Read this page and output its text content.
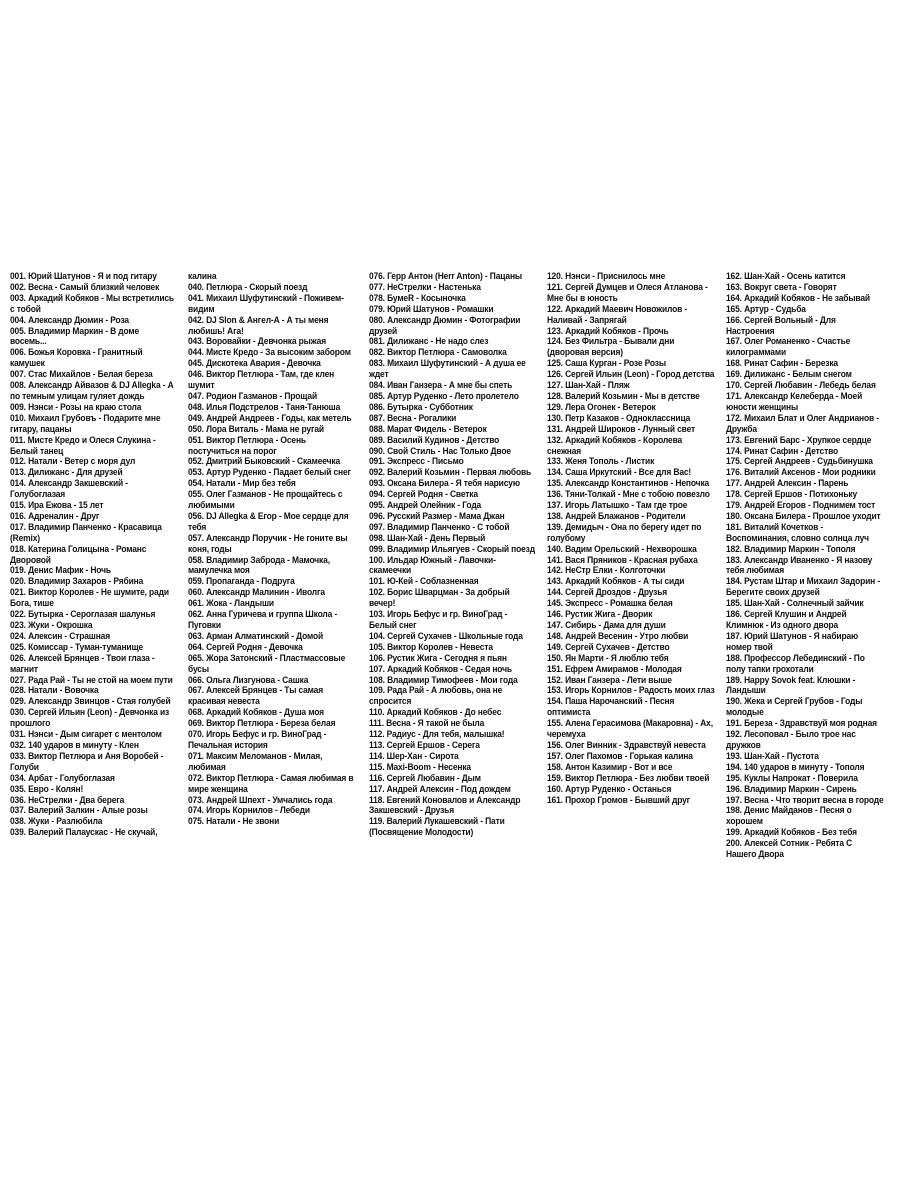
001. Юрий Шатунов - Я и под гитару
002. Весна - Самый близкий человек
003. Аркадий Кобяков - Мы встретились с тобой
004. Александр Дюмин - Роза
005. Владимир Маркин - В доме восемь...
006. Божья Коровка - Гранитный камушек
007. Стас Михайлов - Белая береза
008. Александр Айвазов & DJ Allegka - А по темным улицам гуляет дождь
009. Нэнси - Розы на краю стола
010. Михаил Грубовъ - Подарите мне гитару, пацаны
011. Мисте Кредо и Олеся Слукина - Белый танец
012. Натали - Ветер с моря дул
013. Дилижанс - Для друзей
014. Александр Закшевский - Голубоглазая
015. Ира Ежова - 15 лет
016. Адреналин - Друг
017. Владимир Панченко - Красавица (Remix)
018. Катерина Голицына - Романс Дворовой
019. Денис Мафик - Ночь
020. Владимир Захаров - Рябина
021. Виктор Королев - Не шумите, ради Бога, тише
022. Бутырка - Сероглазая шалунья
023. Жуки - Окрошка
024. Алексин - Страшная
025. Комиссар - Туман-туманище
026. Алексей Брянцев - Твои глаза - магнит
027. Рада Рай - Ты не стой на моем пути
028. Натали - Вовочка
029. Александр Звинцов - Стая голубей
030. Сергей Ильин (Leon) - Девчонка из прошлого
031. Нэнси - Дым сигарет с ментолом
032. 140 ударов в минуту - Клен
033. Виктор Петлюра и Аня Воробей - Голуби
034. Арбат - Голубоглазая
035. Евро - Колян!
036. НеСтрелки - Два берега
037. Валерий Залкин - Алые розы
038. Жуки - Разлюбила
039. Валерий Палаускас - Не скучай,
калина
040. Петлюра - Скорый поезд
041. Михаил Шуфутинский - Поживем-видим
042. DJ Slon & Ангел-А - А ты меня любишь! Ага!
043. Воровайки - Девчонка рыжая
044. Мисте Кредо - За высоким забором
045. Дискотека Авария - Девочка
046. Виктор Петлюра - Там, где клен шумит
047. Родион Газманов - Прощай
048. Илья Подстрелов - Таня-Танюша
049. Андрей Андреев - Годы, как метель
050. Лора Виталь - Мама не ругай
051. Виктор Петлюра - Осень постучиться на порог
052. Дмитрий Быковский - Скамеечка
053. Артур Руденко - Падает белый снег
054. Натали - Мир без тебя
055. Олег Газманов - Не прощайтесь с любимыми
056. DJ Allegka & Егор - Мое сердце для тебя
057. Александр Поручик - Не гоните вы коня, годы
058. Владимир Заброда - Мамочка, мамулечка моя
059. Пропаганда - Подруга
060. Александр Малинин - Иволга
061. Жока - Ландыши
062. Анна Гуричева и группа Школа - Пуговки
063. Арман Алматинский - Домой
064. Сергей Родня - Девочка
065. Жора Затонский - Пластмассовые бусы
066. Ольга Лизгунова - Сашка
067. Алексей Брянцев - Ты самая красивая невеста
068. Аркадий Кобяков - Душа моя
069. Виктор Петлюра - Береза белая
070. Игорь Бефус и гр. ВиноГрад - Печальная история
071. Максим Меломанов - Милая, любимая
072. Виктор Петлюра - Самая любимая в мире женщина
073. Андрей Шпехт - Умчались года
074. Игорь Корнилов - Лебеди
075. Натали - Не звони
076. Герр Антон (Herr Anton) - Пацаны
077. НеСтрелки - Настенька
078. БумеR - Косыночка
079. Юрий Шатунов - Ромашки
080. Александр Дюмин - Фотографии друзей
081. Дилижанс - Не надо слез
082. Виктор Петлюра - Самоволка
083. Михаил Шуфутинский - А душа ее ждет
084. Иван Ганзера - А мне бы спеть
085. Артур Руденко - Лето пролетело
086. Бутырка - Субботник
087. Весна - Рогалики
088. Марат Фидель - Ветерок
089. Василий Кудинов - Детство
090. Свой Стиль - Нас Только Двое
091. Экспресс - Письмо
092. Валерий Козьмин - Первая любовь
093. Оксана Билера - Я тебя нарисую
094. Сергей Родня - Светка
095. Андрей Олейник - Года
096. Русский Размер - Мама Джан
097. Владимир Панченко - С тобой
098. Шан-Хай - День Первый
099. Владимир Ильягуев - Скорый поезд
100. Ильдар Южный - Лавочки-скамеечки
101. Ю-Кей - Соблазненная
102. Борис Шварцман - За добрый вечер!
103. Игорь Бефус и гр. ВиноГрад - Белый снег
104. Сергей Сухачев - Школьные года
105. Виктор Королев - Невеста
106. Рустик Жига - Сегодня я пьян
107. Аркадий Кобяков - Седая ночь
108. Владимир Тимофеев - Мои года
109. Рада Рай - А любовь, она не спросится
110. Аркадий Кобяков - До небес
111. Весна - Я такой не была
112. Радиус - Для тебя, малышка!
113. Сергей Ершов - Серега
114. Шер-Хан - Сирота
115. Maxi-Boom - Несенка
116. Сергей Любавин - Дым
117. Андрей Алексин - Под дождем
118. Евгений Коновалов и Александр Закшевский - Друзья
119. Валерий Лукашевский - Пати (Посвящение Молодости)
120. Нэнси - Приснилось мне
121. Сергей Думцев и Олеся Атланова - Мне бы в юность
122. Аркадий Маевич Новожилов - Наливай - Запрягай
123. Аркадий Кобяков - Прочь
124. Без Фильтра - Бывали дни (дворовая версия)
125. Саша Курган - Розе Розы
126. Сергей Ильин (Leon) - Город детства
127. Шан-Хай - Пляж
128. Валерий Козьмин - Мы в детстве
129. Лера Огонек - Ветерок
130. Петр Казаков - Одноклассница
131. Андрей Широков - Лунный свет
132. Аркадий Кобяков - Королева снежная
133. Женя Тополь - Листик
134. Саша Иркутский - Все для Вас!
135. Александр Константинов - Непочка
136. Тяни-Толкай - Мне с тобою повезло
137. Игорь Латышко - Там где трое
138. Андрей Блажанов - Родители
139. Демидыч - Она по берегу идет по голубому
140. Вадим Орельский - Нехворошка
141. Вася Пряников - Красная рубаха
142. НеСтр Елки - Колготочки
143. Аркадий Кобяков - А ты сиди
144. Сергей Дроздов - Друзья
145. Экспресс - Ромашка белая
146. Рустик Жига - Дворик
147. Сибирь - Дама для души
148. Андрей Весенин - Утро любви
149. Сергей Сухачев - Детство
150. Ян Марти - Я люблю тебя
151. Ефрем Амирамов - Молодая
152. Иван Ганзера - Лети выше
153. Игорь Корнилов - Радость моих глаз
154. Паша Нарочанский - Песня оптимиста
155. Алена Герасимова (Макаровна) - Ах, черемуха
156. Олег Винник - Здравствуй невеста
157. Олег Пахомов - Горькая калина
158. Антон Казимир - Вот и все
159. Виктор Петлюра - Без любви твоей
160. Артур Руденко - Останься
161. Прохор Громов - Бывший друг
162. Шан-Хай - Осень катится
163. Вокруг света - Говорят
164. Аркадий Кобяков - Не забывай
165. Артур - Судьба
166. Сергей Вольный - Для Настроения
167. Олег Романенко - Счастье килограммами
168. Ринат Сафин - Березка
169. Дилижанс - Белым снегом
170. Сергей Любавин - Лебедь белая
171. Александр Келеберда - Моей юности женщины
172. Михаил Блат и Олег Андрианов - Дружба
173. Евгений Барс - Хрупкое сердце
174. Ринат Сафин - Детство
175. Сергей Андреев - Судьбинушка
176. Виталий Аксенов - Мои родники
177. Андрей Алексин - Парень
178. Сергей Ершов - Потихоньку
179. Андрей Егоров - Поднимем тост
180. Оксана Билера - Прошлое уходит
181. Виталий Кочетков - Воспоминания, словно солнца луч
182. Владимир Маркин - Тополя
183. Александр Иваненко - Я назову тебя любимая
184. Рустам Штар и Михаил Задорин - Берегите своих друзей
185. Шан-Хай - Солнечный зайчик
186. Сергей Клушин и Андрей Климнюк - Из одного двора
187. Юрий Шатунов - Я набираю номер твой
188. Профессор Лебединский - По полу тапки грохотали
189. Happy Sovok feat. Клюшки - Ландыши
190. Жека и Сергей Грубов - Годы молодые
191. Береза - Здравствуй моя родная
192. Лесоповал - Было трое нас дружков
193. Шан-Хай - Пустота
194. 140 ударов в минуту - Тополя
195. Куклы Напрокат - Поверила
196. Владимир Маркин - Сирень
197. Весна - Что творит весна в городе
198. Денис Майданов - Песня о хорошем
199. Аркадий Кобяков - Без тебя
200. Алексей Сотник - Ребята С Нашего Двора
